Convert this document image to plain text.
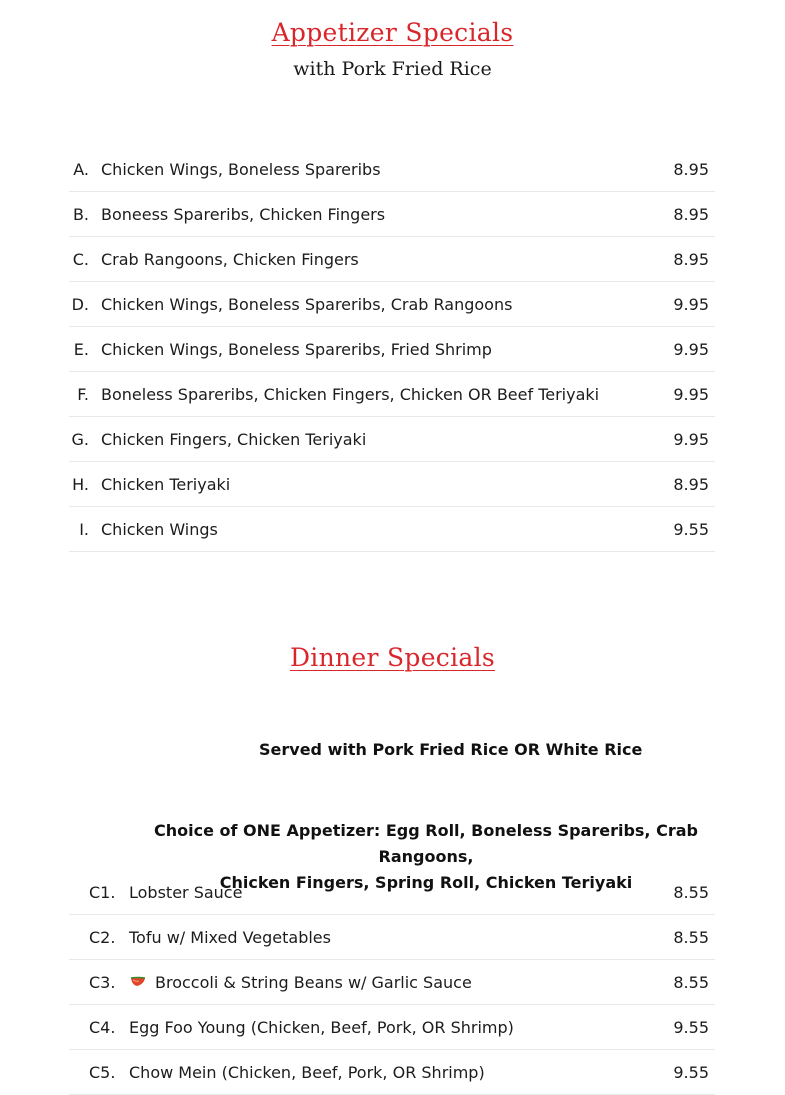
Appetizer Specials
with Pork Fried Rice
A. Chicken Wings, Boneless Spareribs	8.95
B. Boneess Spareribs, Chicken Fingers	8.95
C. Crab Rangoons, Chicken Fingers	8.95
D. Chicken Wings, Boneless Spareribs, Crab Rangoons	9.95
E. Chicken Wings, Boneless Spareribs, Fried Shrimp	9.95
F. Boneless Spareribs, Chicken Fingers, Chicken OR Beef Teriyaki	9.95
G. Chicken Fingers, Chicken Teriyaki	9.95
H. Chicken Teriyaki	8.95
I. Chicken Wings	9.55
Dinner Specials
Served with Pork Fried Rice OR White Rice
Choice of ONE Appetizer: Egg Roll, Boneless Spareribs, Crab Rangoons,
Chicken Fingers, Spring Roll, Chicken Teriyaki
C1. Lobster Sauce	8.55
C2. Tofu w/ Mixed Vegetables	8.55
C3.	Broccoli & String Beans w/ Garlic Sauce	8.55
C4. Egg Foo Young (Chicken, Beef, Pork, OR Shrimp)	9.55
C5. Chow Mein (Chicken, Beef, Pork, OR Shrimp)	9.55
